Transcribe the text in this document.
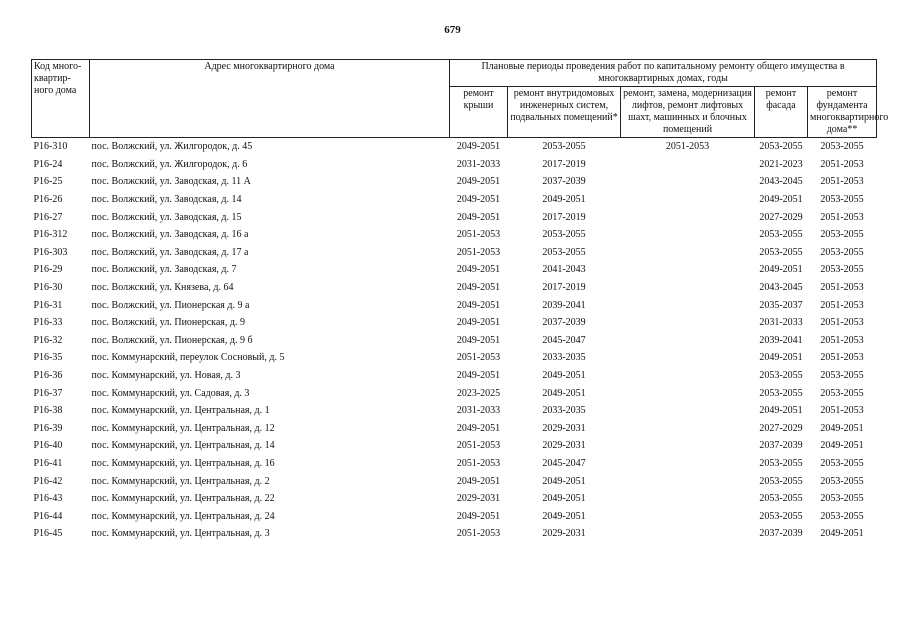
679
Код много-квартир-ного дома	Адрес многоквартирного дома	Плановые периоды проведения работ по капитальному ремонту общего имущества в многоквартирных домах, годы				
		ремонт крыши	ремонт внутридомовых инженерных систем, подвальных помещений*	ремонт, замена, модернизация лифтов, ремонт лифтовых шахт, машинных и блочных помещений	ремонт фасада	ремонт фундамента многоквартирного дома**
Р16-310	пос. Волжский, ул. Жилгородок, д. 45	2049-2051	2053-2055	2051-2053	2053-2055	2053-2055
Р16-24	пос. Волжский, ул. Жилгородок, д. 6	2031-2033	2017-2019		2021-2023	2051-2053
Р16-25	пос. Волжский, ул. Заводская, д. 11 А	2049-2051	2037-2039		2043-2045	2051-2053
Р16-26	пос. Волжский, ул. Заводская, д. 14	2049-2051	2049-2051		2049-2051	2053-2055
Р16-27	пос. Волжский, ул. Заводская, д. 15	2049-2051	2017-2019		2027-2029	2051-2053
Р16-312	пос. Волжский, ул. Заводская, д. 16 а	2051-2053	2053-2055		2053-2055	2053-2055
Р16-303	пос. Волжский, ул. Заводская, д. 17 а	2051-2053	2053-2055		2053-2055	2053-2055
Р16-29	пос. Волжский, ул. Заводская, д. 7	2049-2051	2041-2043		2049-2051	2053-2055
Р16-30	пос. Волжский, ул. Князева, д. 64	2049-2051	2017-2019		2043-2045	2051-2053
Р16-31	пос. Волжский, ул. Пионерская д. 9 а	2049-2051	2039-2041		2035-2037	2051-2053
Р16-33	пос. Волжский, ул. Пионерская, д. 9	2049-2051	2037-2039		2031-2033	2051-2053
Р16-32	пос. Волжский, ул. Пионерская, д. 9 б	2049-2051	2045-2047		2039-2041	2051-2053
Р16-35	пос. Коммунарский, переулок Сосновый, д. 5	2051-2053	2033-2035		2049-2051	2051-2053
Р16-36	пос. Коммунарский, ул. Новая, д. 3	2049-2051	2049-2051		2053-2055	2053-2055
Р16-37	пос. Коммунарский, ул. Садовая, д. 3	2023-2025	2049-2051		2053-2055	2053-2055
Р16-38	пос. Коммунарский, ул. Центральная, д. 1	2031-2033	2033-2035		2049-2051	2051-2053
Р16-39	пос. Коммунарский, ул. Центральная, д. 12	2049-2051	2029-2031		2027-2029	2049-2051
Р16-40	пос. Коммунарский, ул. Центральная, д. 14	2051-2053	2029-2031		2037-2039	2049-2051
Р16-41	пос. Коммунарский, ул. Центральная, д. 16	2051-2053	2045-2047		2053-2055	2053-2055
Р16-42	пос. Коммунарский, ул. Центральная, д. 2	2049-2051	2049-2051		2053-2055	2053-2055
Р16-43	пос. Коммунарский, ул. Центральная, д. 22	2029-2031	2049-2051		2053-2055	2053-2055
Р16-44	пос. Коммунарский, ул. Центральная, д. 24	2049-2051	2049-2051		2053-2055	2053-2055
Р16-45	пос. Коммунарский, ул. Центральная, д. 3	2051-2053	2029-2031		2037-2039	2049-2051
